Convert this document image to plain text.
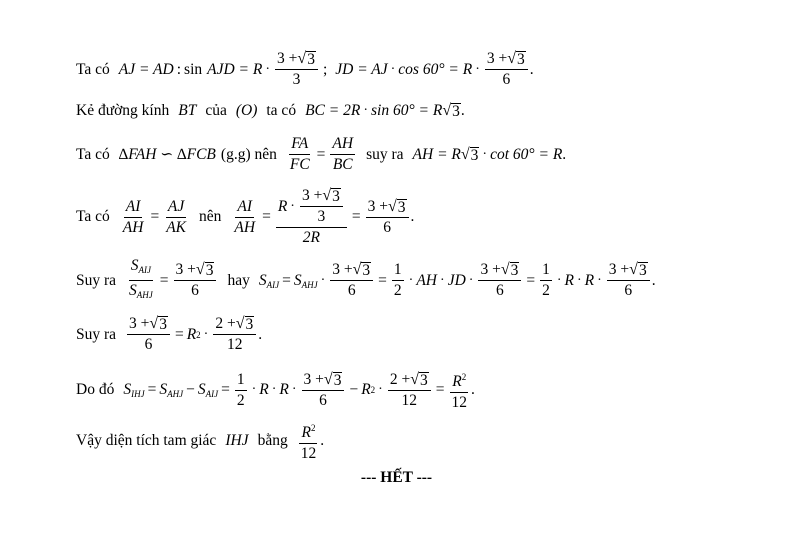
Ta có AJ = AD : sin AJD = $R \cdot \frac{3 + √ 3}{3}$ ; JD = AJ · $\cos 60^\circ = R \cdot \frac{3 + √ 3}{6}$ .
Kẻ đường kính BT của (O) ta có BC = 2R · sin 60° = R √ 3 .
Ta có ∆FAH ∽ ∆FCB (g.g) nên $\frac{FA}{FC} = \frac{AH}{BC}$ suy ra AH = R √ 3 · cot 60° = R .
Ta có $\frac{AI}{AH} = \frac{AJ}{AK}$ nên $\frac{AI}{AH} = \frac{R \cdot \frac{3 + √ 3}{3}}{2R} = \frac{3 + √ 3}{6}$ .
Suy ra $\frac{S_{AIJ}}{S_{AHJ}} = \frac{3 + √ 3}{6}$ hay $S_{AIJ} = S_{AHJ} \cdot \frac{3 + √ 3}{6} = \frac{1}{2}$ · AH · JD · $\frac{3 + √ 3}{6} = \frac{1}{2} \cdot R \cdot R \cdot \frac{3 + √ 3}{6}$ .
Suy ra $\frac{3 + √ 3}{6} = R$ $2 \cdot \frac{2 + √ 3}{12}$ .
Do đó $S_{IHJ} = S_{AHJ} - S_{AIJ} = \frac{1}{2} \cdot R \cdot R \cdot \frac{3 + √ 3}{6} - R$ $2 \cdot \frac{2 + √ 3}{12} = \frac{R^2}{12}$ .
Vậy diện tích tam giác IHJ bằng $\frac{R^2}{12}$ .
--- HẾT ---
